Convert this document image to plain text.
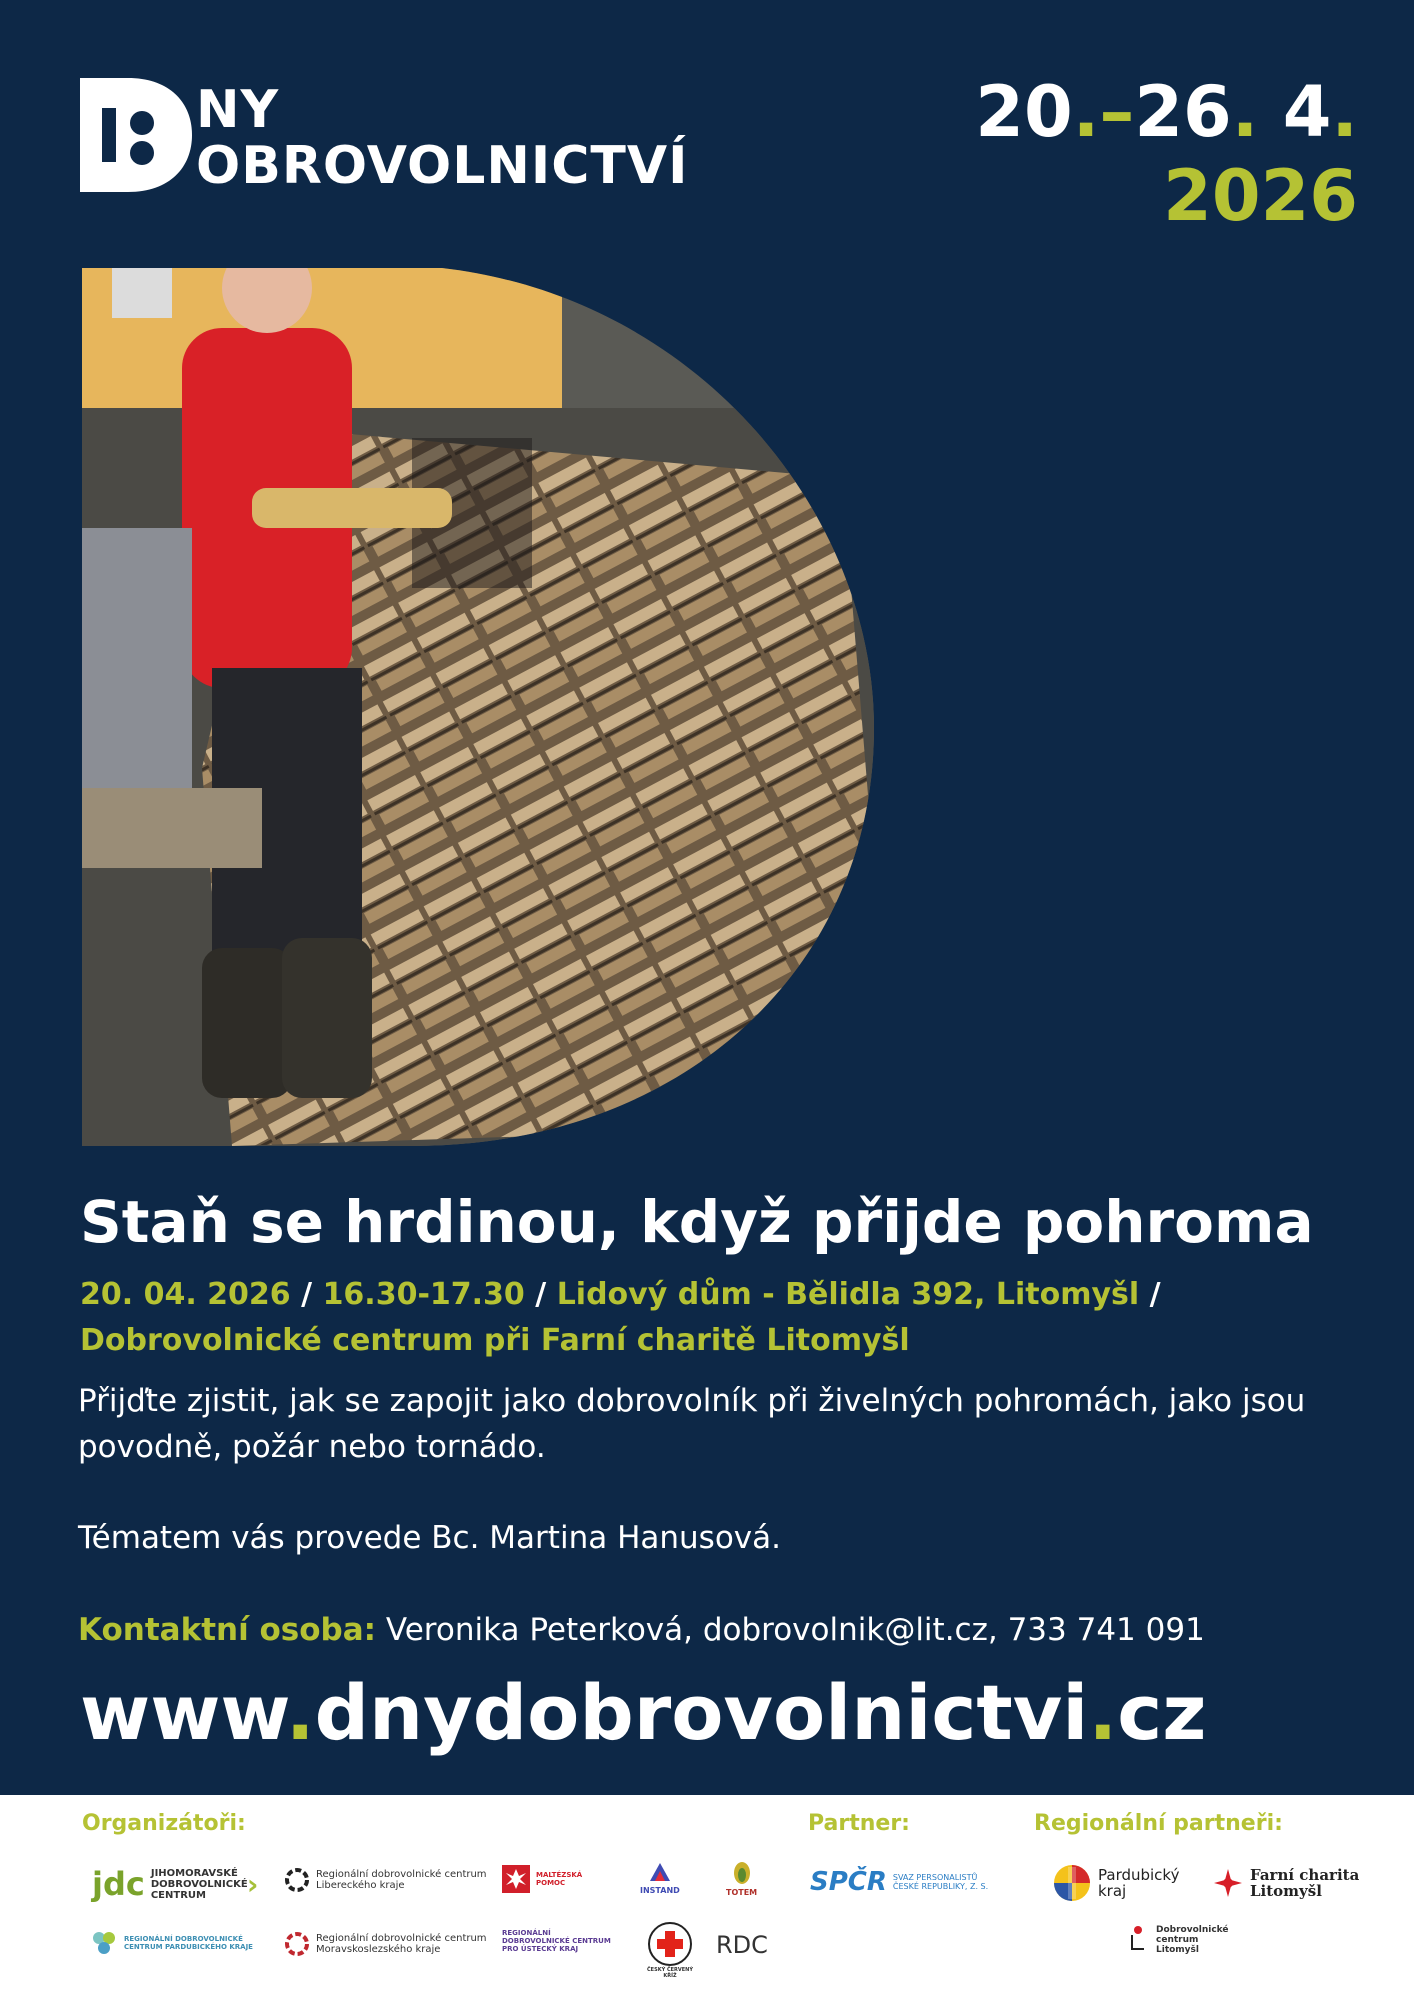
NY
OBROVOLNICTVÍ
20.–26. 4.
2026
Staň se hrdinou, když přijde pohroma
20. 04. 2026 / 16.30-17.30 / Lidový dům - Bělidla 392, Litomyšl /
Dobrovolnické centrum při Farní charitě Litomyšl
Přijďte zjistit, jak se zapojit jako dobrovolník při živelných pohromách, jako jsou povodně, požár nebo tornádo.
Tématem vás provede Bc. Martina Hanusová.
Kontaktní osoba: Veronika Peterková, dobrovolnik@lit.cz, 733 741 091
www.dnydobrovolnictvi.cz
Organizátoři:	Partner:	Regionální partneři:
jdc JIHOMORAVSKÉ DOBROVOLNICKÉ CENTRUM	›	Regionální dobrovolnické centrum Libereckého kraje
MALTÉZSKÁ POMOC
INSTAND	TOTEM SPČR SVAZ PERSONALISTŮ ČESKÉ REPUBLIKY, Z. S.
Pardubický kraj
Farní charita Litomyšl
REGIONÁLNÍ DOBROVOLNICKÉ CENTRUM PARDUBICKÉHO KRAJE
Regionální dobrovolnické centrum Moravskoslezského kraje
REGIONÁLNÍ DOBROVOLNICKÉ CENTRUM PRO ÚSTECKÝ KRAJ
ČESKÝ ČERVENÝ KŘÍŽ
RDC
Dobrovolnické centrum Litomyšl
